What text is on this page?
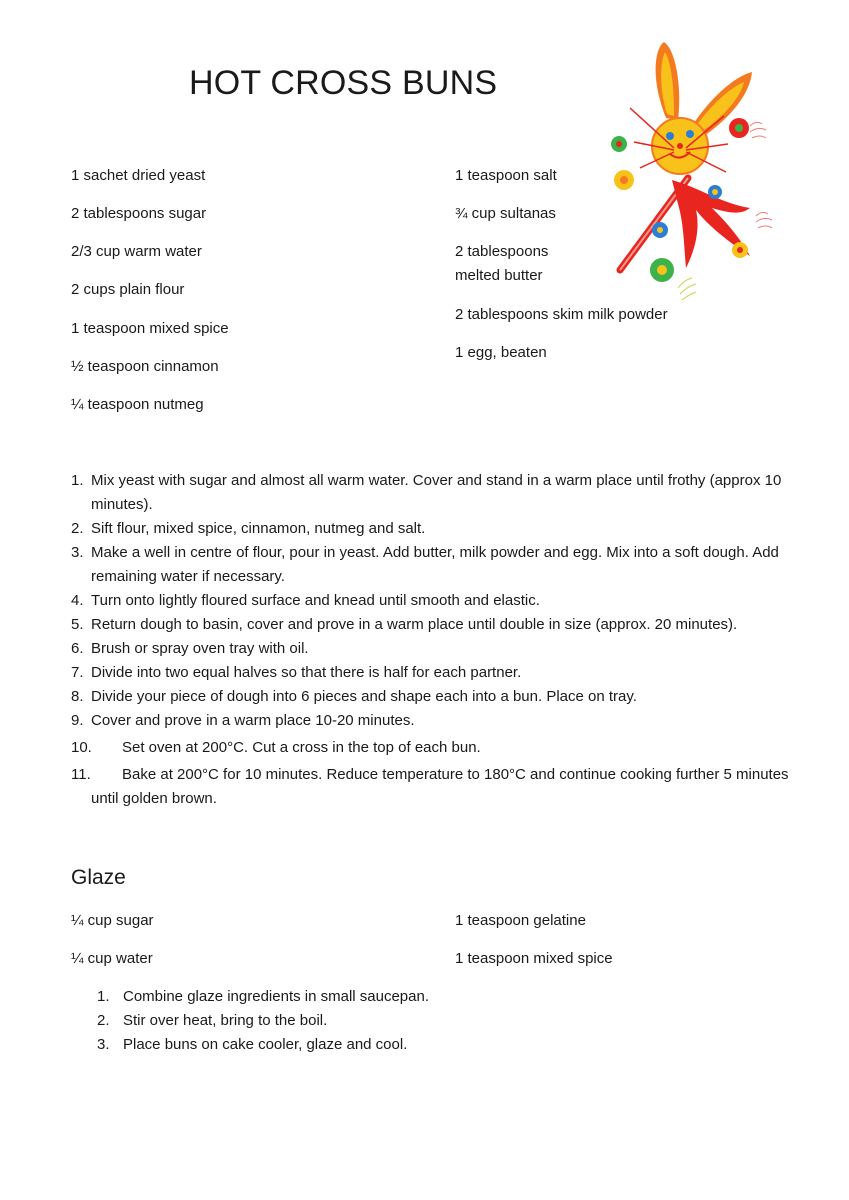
HOT CROSS BUNS
1 sachet dried yeast
2 tablespoons sugar
2/3 cup warm water
2 cups plain flour
1 teaspoon mixed spice
½ teaspoon cinnamon
¼ teaspoon nutmeg
1 teaspoon salt
¾ cup sultanas
2 tablespoons
melted butter
2 tablespoons skim milk powder
1 egg, beaten
1. Mix yeast with sugar and almost all warm water. Cover and stand in a warm place until frothy (approx 10 minutes).
2. Sift flour, mixed spice, cinnamon, nutmeg and salt.
3. Make a well in centre of flour, pour in yeast. Add butter, milk powder and egg. Mix into a soft dough. Add remaining water if necessary.
4. Turn onto lightly floured surface and knead until smooth and elastic.
5. Return dough to basin, cover and prove in a warm place until double in size (approx. 20 minutes).
6. Brush or spray oven tray with oil.
7. Divide into two equal halves so that there is half for each partner.
8. Divide your piece of dough into 6 pieces and shape each into a bun. Place on tray.
9. Cover and prove in a warm place 10-20 minutes.
10. Set oven at 200°C. Cut a cross in the top of each bun.
11. Bake at 200°C for 10 minutes. Reduce temperature to 180°C and continue cooking further 5 minutes until golden brown.
Glaze
¼ cup sugar
¼ cup water
1 teaspoon gelatine
1 teaspoon mixed spice
1. Combine glaze ingredients in small saucepan.
2. Stir over heat, bring to the boil.
3. Place buns on cake cooler, glaze and cool.
